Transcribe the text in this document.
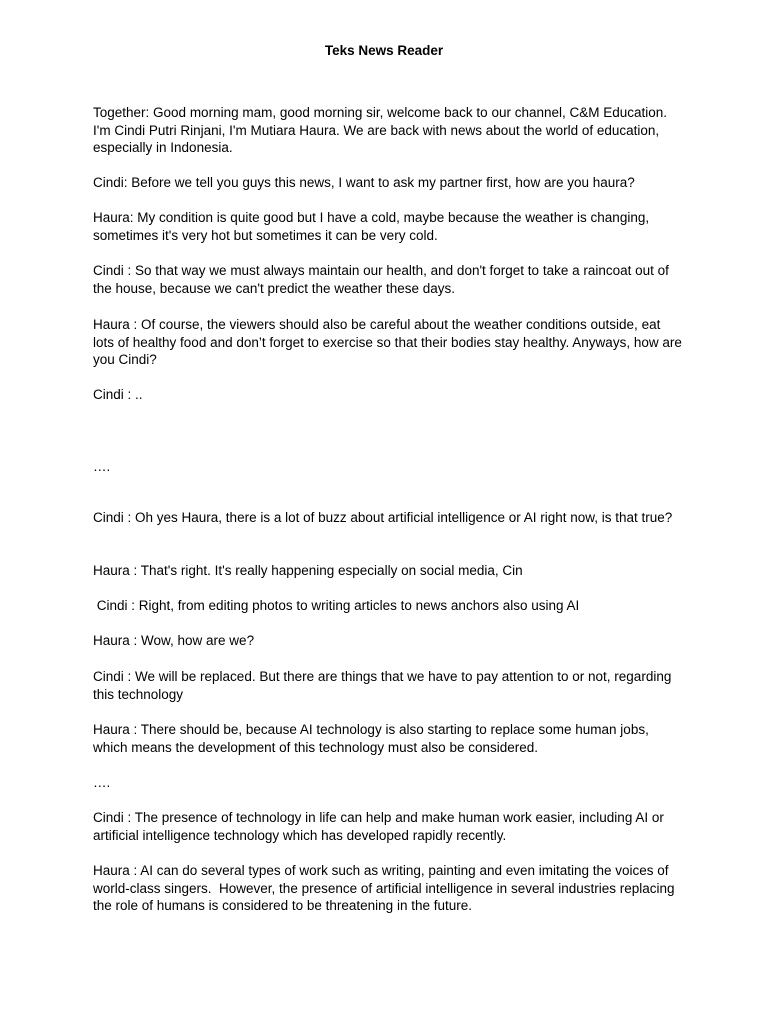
Teks News Reader

Together: Good morning mam, good morning sir, welcome back to our channel, C&M Education. I'm Cindi Putri Rinjani, I'm Mutiara Haura. We are back with news about the world of education, especially in Indonesia.

Cindi: Before we tell you guys this news, I want to ask my partner first, how are you haura?

Haura: My condition is quite good but I have a cold, maybe because the weather is changing, sometimes it's very hot but sometimes it can be very cold.

Cindi : So that way we must always maintain our health, and don't forget to take a raincoat out of the house, because we can't predict the weather these days.

Haura : Of course, the viewers should also be careful about the weather conditions outside, eat lots of healthy food and don’t forget to exercise so that their bodies stay healthy. Anyways, how are you Cindi?

Cindi : ..

….

Cindi : Oh yes Haura, there is a lot of buzz about artificial intelligence or AI right now, is that true?

Haura : That's right. It's really happening especially on social media, Cin

Cindi : Right, from editing photos to writing articles to news anchors also using AI

Haura : Wow, how are we?

Cindi : We will be replaced. But there are things that we have to pay attention to or not, regarding this technology

Haura : There should be, because AI technology is also starting to replace some human jobs, which means the development of this technology must also be considered.

….

Cindi : The presence of technology in life can help and make human work easier, including AI or artificial intelligence technology which has developed rapidly recently.

Haura : AI can do several types of work such as writing, painting and even imitating the voices of world-class singers.  However, the presence of artificial intelligence in several industries replacing the role of humans is considered to be threatening in the future.
